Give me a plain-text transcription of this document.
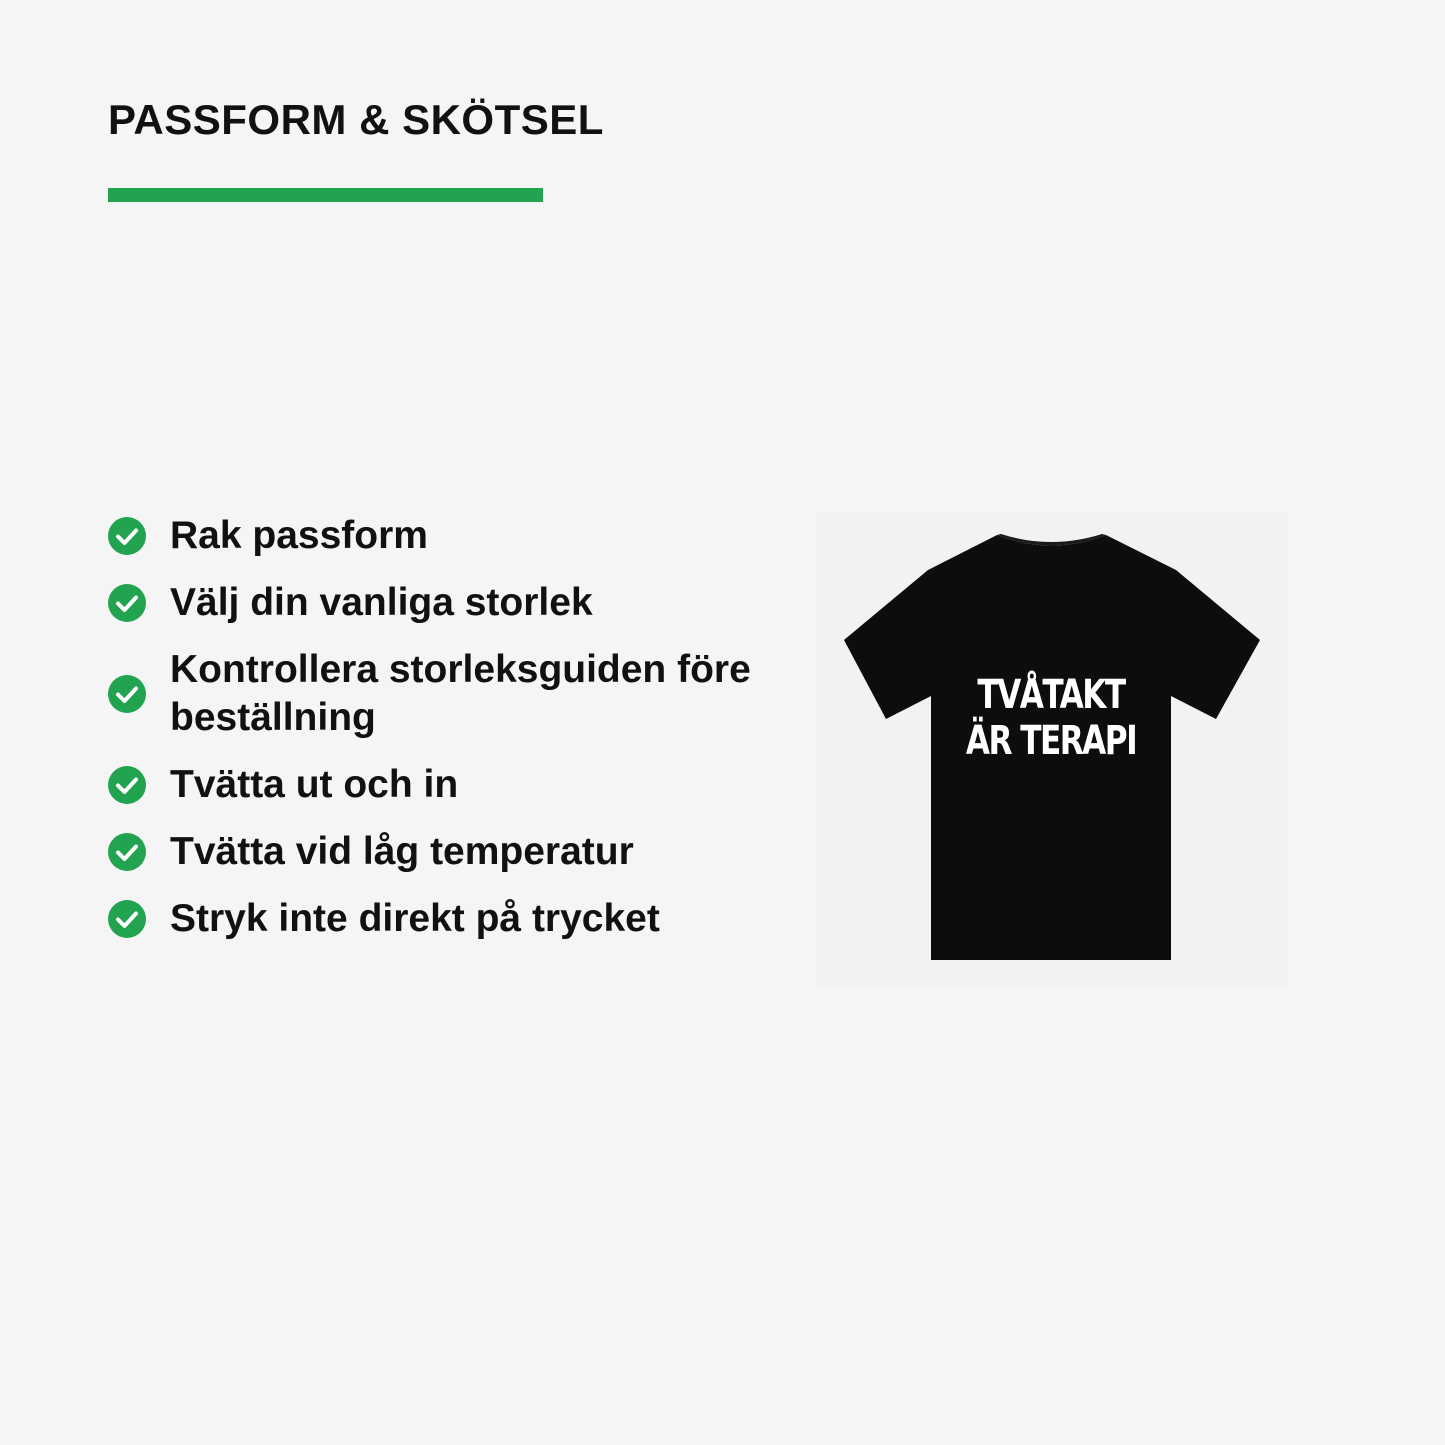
PASSFORM & SKÖTSEL
Rak passform
Välj din vanliga storlek
Kontrollera storleksguiden före beställning
Tvätta ut och in
Tvätta vid låg temperatur
Stryk inte direkt på trycket
TVÅTAKT
ÄR TERAPI
